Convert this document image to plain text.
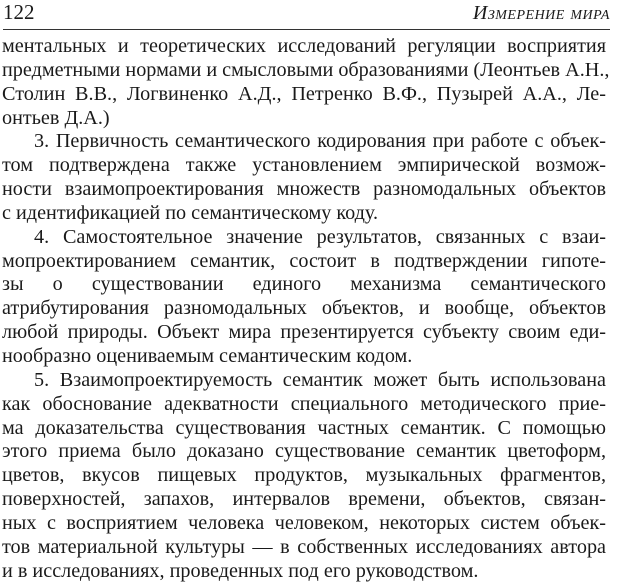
122	Измерение мира
ментальных и теоретических исследований регуляции восприятия
предметными нормами и смысловыми образованиями (Леонтьев А.Н.,
Столин В.В., Логвиненко А.Д., Петренко В.Ф., Пузырей А.А., Ле-
онтьев Д.А.)
3. Первичность семантического кодирования при работе с объек-
том подтверждена также установлением эмпирической возмож-
ности взаимопроектирования множеств разномодальных объектов
с идентификацией по семантическому коду.
4. Самостоятельное значение результатов, связанных с взаи-
мопроектированием семантик, состоит в подтверждении гипоте-
зы о существовании единого механизма семантического
атрибутирования разномодальных объектов, и вообще, объектов
любой природы. Объект мира презентируется субъекту своим еди-
нообразно оцениваемым семантическим кодом.
5. Взаимопроектируемость семантик может быть использована
как обоснование адекватности специального методического прие-
ма доказательства существования частных семантик. С помощью
этого приема было доказано существование семантик цветоформ,
цветов, вкусов пищевых продуктов, музыкальных фрагментов,
поверхностей, запахов, интервалов времени, объектов, связан-
ных с восприятием человека человеком, некоторых систем объек-
тов материальной культуры — в собственных исследованиях автора
и в исследованиях, проведенных под его руководством.
